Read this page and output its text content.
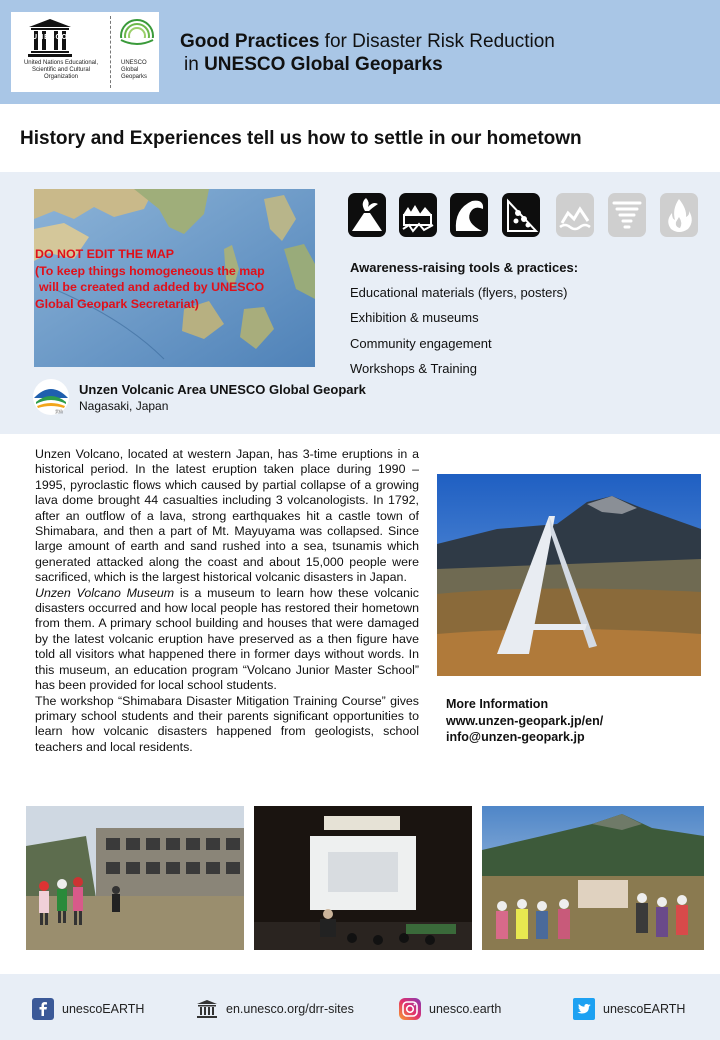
UNESCO
United Nations Educational, Scientific and Cultural Organization
UNESCO Global Geoparks
Good Practices for Disaster Risk Reduction
in UNESCO Global Geoparks
History and Experiences tell us how to settle in our hometown
DO NOT EDIT THE MAP
(To keep things homogeneous the map
will be created and added by UNESCO
Global Geopark Secretariat)
Awareness-raising tools & practices:
Educational materials (flyers, posters)
Exhibition & museums
Community engagement
Workshops & Training
雲仙
Unzen Volcanic Area UNESCO Global Geopark
Nagasaki, Japan

Unzen Volcano, located at western Japan, has 3-time eruptions in a historical period. In the latest eruption taken place during 1990 – 1995, pyroclastic flows which caused by partial collapse of a growing lava dome brought 44 casualties including 3 volcanologists. In 1792, after an outflow of a lava, strong earthquakes hit a castle town of Shimabara, and then a part of Mt. Mayuyama was collapsed. Since large amount of earth and sand rushed into a sea, tsunamis which generated attacked along the coast and about 15,000 people were sacrificed, which is the largest historical volcanic disasters in Japan.

Unzen Volcano Museum is a museum to learn how these volcanic disasters occurred and how local people has restored their hometown from them. A primary school building and houses that were damaged by the latest volcanic eruption have preserved as a then figure have told all visitors what happened there in former days without words. In this museum, an education program “Volcano Junior Master School” has been provided for local school students.

The workshop “Shimabara Disaster Mitigation Training Course” gives primary school students and their parents significant opportunities to learn how volcanic disasters happened from geologists, school teachers and local residents.

More Information
www.unzen-geopark.jp/en/
info@unzen-geopark.jp
unescoEARTH	en.unesco.org/drr-sites	unesco.earth	unescoEARTH
